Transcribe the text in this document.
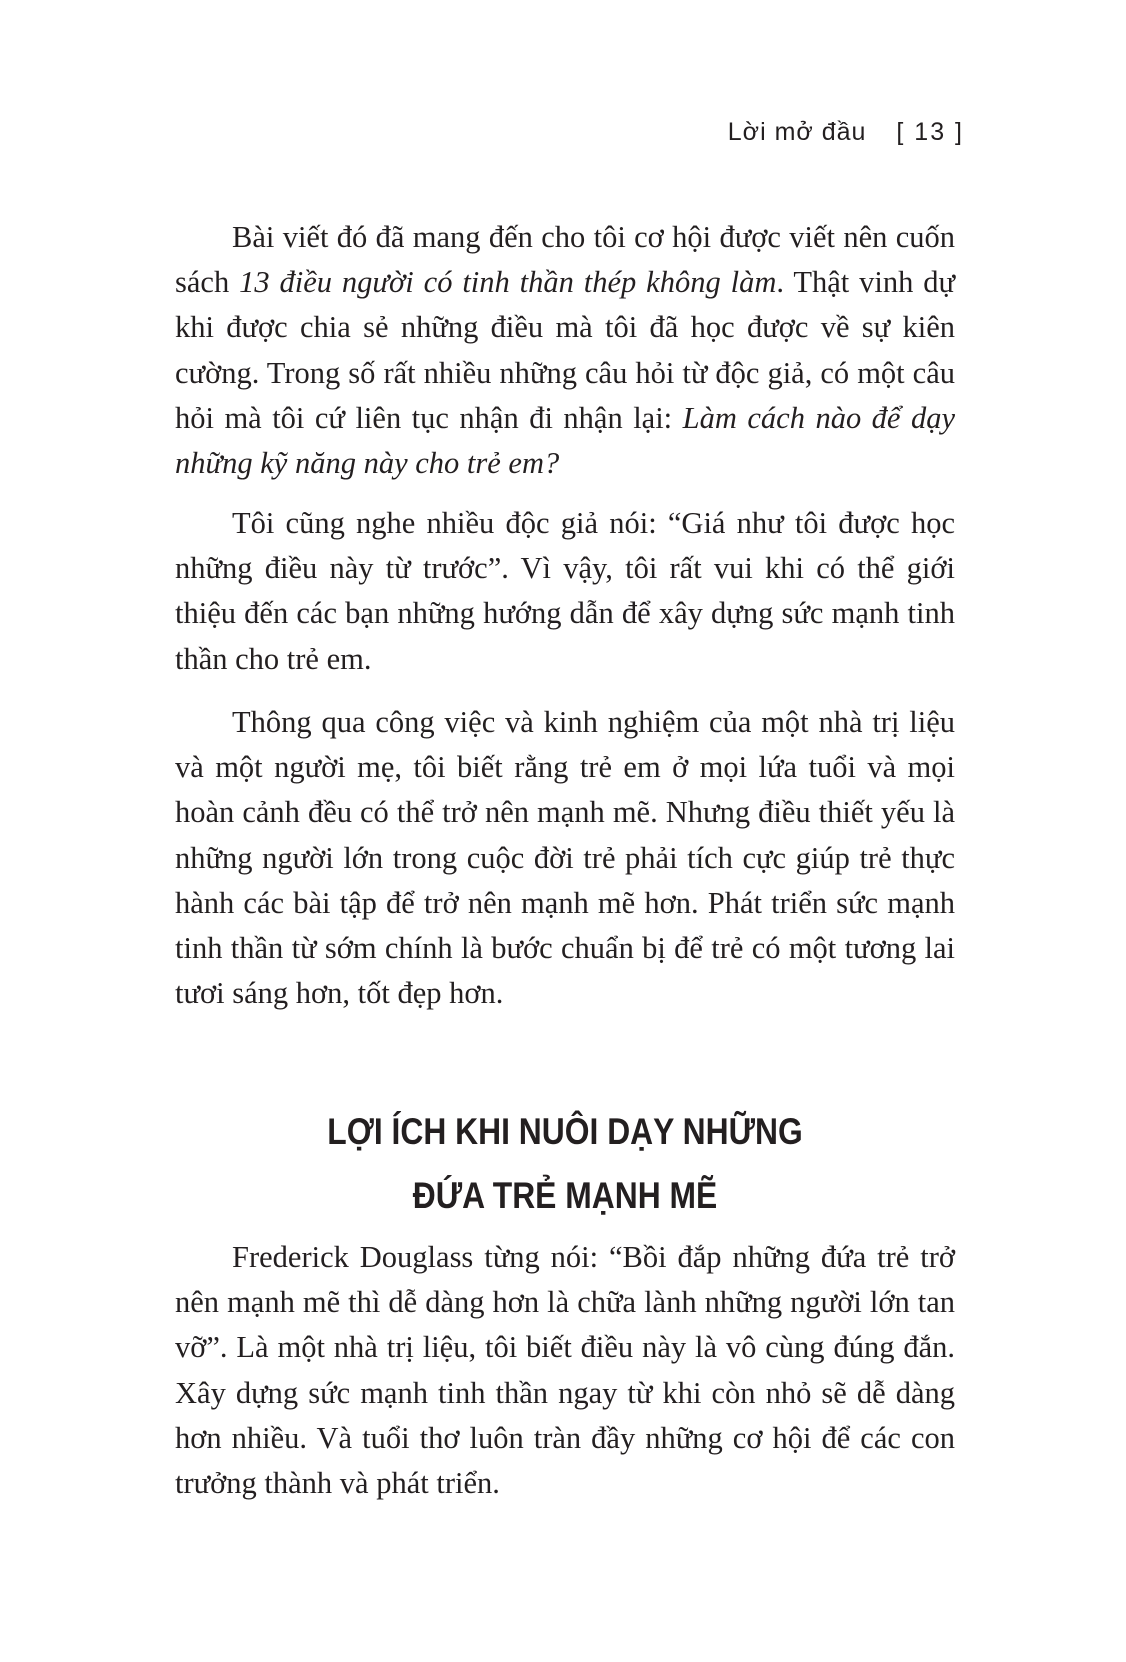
Lời mở đầu [ 13 ]

Bài viết đó đã mang đến cho tôi cơ hội được viết nên cuốn sách 13 điều người có tinh thần thép không làm. Thật vinh dự khi được chia sẻ những điều mà tôi đã học được về sự kiên cường. Trong số rất nhiều những câu hỏi từ độc giả, có một câu hỏi mà tôi cứ liên tục nhận đi nhận lại: Làm cách nào để dạy những kỹ năng này cho trẻ em?

Tôi cũng nghe nhiều độc giả nói: “Giá như tôi được học những điều này từ trước”. Vì vậy, tôi rất vui khi có thể giới thiệu đến các bạn những hướng dẫn để xây dựng sức mạnh tinh thần cho trẻ em.

Thông qua công việc và kinh nghiệm của một nhà trị liệu và một người mẹ, tôi biết rằng trẻ em ở mọi lứa tuổi và mọi hoàn cảnh đều có thể trở nên mạnh mẽ. Nhưng điều thiết yếu là những người lớn trong cuộc đời trẻ phải tích cực giúp trẻ thực hành các bài tập để trở nên mạnh mẽ hơn. Phát triển sức mạnh tinh thần từ sớm chính là bước chuẩn bị để trẻ có một tương lai tươi sáng hơn, tốt đẹp hơn.

LỢI ÍCH KHI NUÔI DẠY NHỮNG
ĐỨA TRẺ MẠNH MẼ

Frederick Douglass từng nói: “Bồi đắp những đứa trẻ trở nên mạnh mẽ thì dễ dàng hơn là chữa lành những người lớn tan vỡ”. Là một nhà trị liệu, tôi biết điều này là vô cùng đúng đắn. Xây dựng sức mạnh tinh thần ngay từ khi còn nhỏ sẽ dễ dàng hơn nhiều. Và tuổi thơ luôn tràn đầy những cơ hội để các con trưởng thành và phát triển.
